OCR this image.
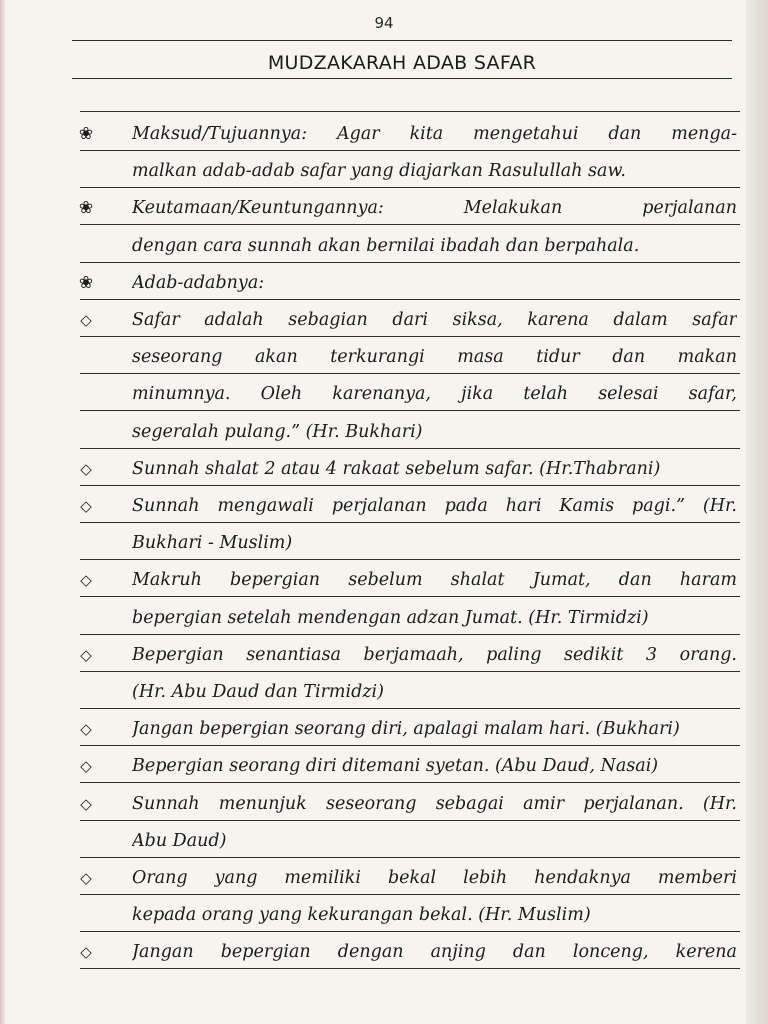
94
MUDZAKARAH ADAB SAFAR
❀ Maksud/Tujuannya: Agar kita mengetahui dan menga-
malkan adab-adab safar yang diajarkan Rasulullah saw.
❀ Keutamaan/Keuntungannya: Melakukan perjalanan
dengan cara sunnah akan bernilai ibadah dan berpahala.
❀ Adab-adabnya:
◇	Safar adalah sebagian dari siksa, karena dalam safar
seseorang akan terkurangi masa tidur dan makan
minumnya. Oleh karenanya, jika telah selesai safar,
segeralah pulang.” (Hr. Bukhari)
◇	Sunnah shalat 2 atau 4 rakaat sebelum safar. (Hr.Thabrani)
◇	Sunnah mengawali perjalanan pada hari Kamis pagi.” (Hr.
Bukhari - Muslim)
◇	Makruh bepergian sebelum shalat Jumat, dan haram
bepergian setelah mendengan adzan Jumat. (Hr. Tirmidzi)
◇	Bepergian senantiasa berjamaah, paling sedikit 3 orang.
(Hr. Abu Daud dan Tirmidzi)
◇	Jangan bepergian seorang diri, apalagi malam hari. (Bukhari)
◇	Bepergian seorang diri ditemani syetan. (Abu Daud, Nasai)
◇	Sunnah menunjuk seseorang sebagai amir perjalanan. (Hr.
Abu Daud)
◇	Orang yang memiliki bekal lebih hendaknya memberi
kepada orang yang kekurangan bekal. (Hr. Muslim)
◇	Jangan bepergian dengan anjing dan lonceng, kerena
